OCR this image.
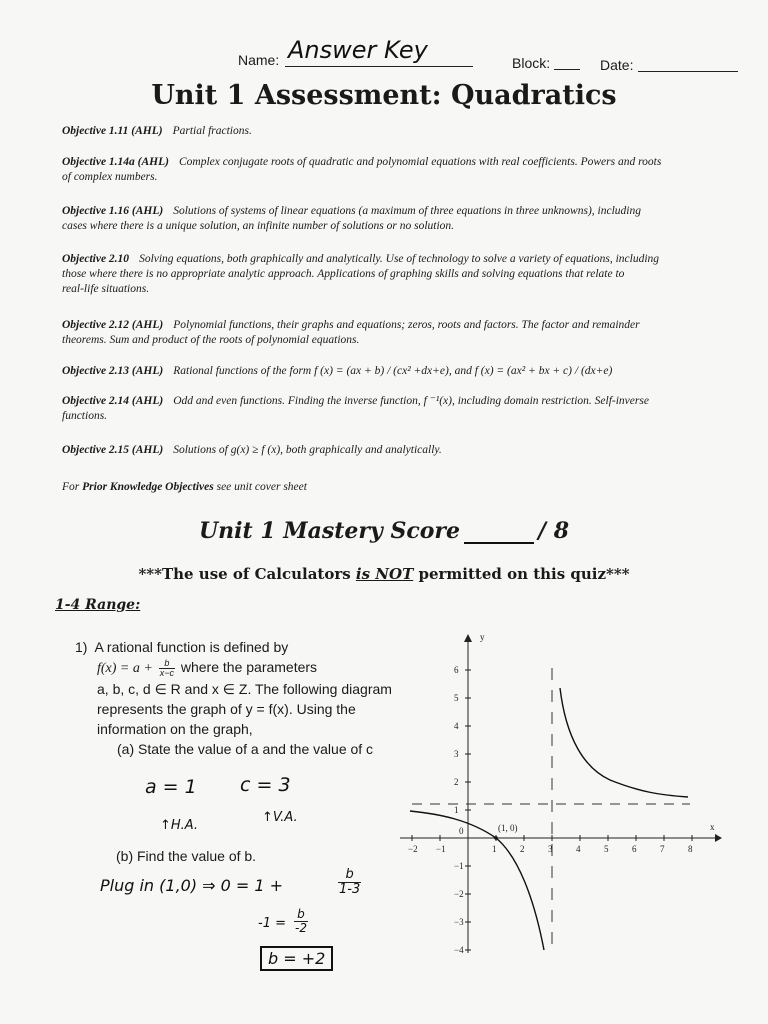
Name: Answer Key	Block:	Date:
Unit 1 Assessment: Quadratics
Objective 1.11 (AHL) Partial fractions.
Objective 1.14a (AHL) Complex conjugate roots of quadratic and polynomial equations with real coefficients. Powers and roots
of complex numbers.
Objective 1.16 (AHL) Solutions of systems of linear equations (a maximum of three equations in three unknowns), including
cases where there is a unique solution, an infinite number of solutions or no solution.
Objective 2.10 Solving equations, both graphically and analytically. Use of technology to solve a variety of equations, including
those where there is no appropriate analytic approach. Applications of graphing skills and solving equations that relate to
real-life situations.
Objective 2.12 (AHL) Polynomial functions, their graphs and equations; zeros, roots and factors. The factor and remainder
theorems. Sum and product of the roots of polynomial equations.
Objective 2.13 (AHL) Rational functions of the form f (x) = (ax + b) / (cx² +dx+e), and f (x) = (ax² + bx + c) / (dx+e)
Objective 2.14 (AHL) Odd and even functions. Finding the inverse function, f ⁻¹(x), including domain restriction. Self-inverse
functions.
Objective 2.15 (AHL) Solutions of g(x) ≥ f (x), both graphically and analytically.
For Prior Knowledge Objectives see unit cover sheet
Unit 1 Mastery Score	/ 8
***The use of Calculators is NOT permitted on this quiz***
1-4 Range:
1) A rational function is defined by
$f(x) = a + \frac{b}{x-c}$ where the parameters
a, b, c, d ∈ R and x ∈ Z. The following diagram
represents the graph of y = f(x). Using the
information on the graph,
(a) State the value of a and the value of c
(b) Find the value of b.
a = 1 c = 3
↑H.A.
↑V.A.
Plug in (1,0) ⇒ 0 = 1 +	$\frac{b}{1-3}$
$-1 = \frac{b}{-2}$
b = +2
y
x
0
−2 −1	1	2	3	4	5	6	7	8
6
5
4
3
2
1
−1
−2
−3
−4
(1, 0)
